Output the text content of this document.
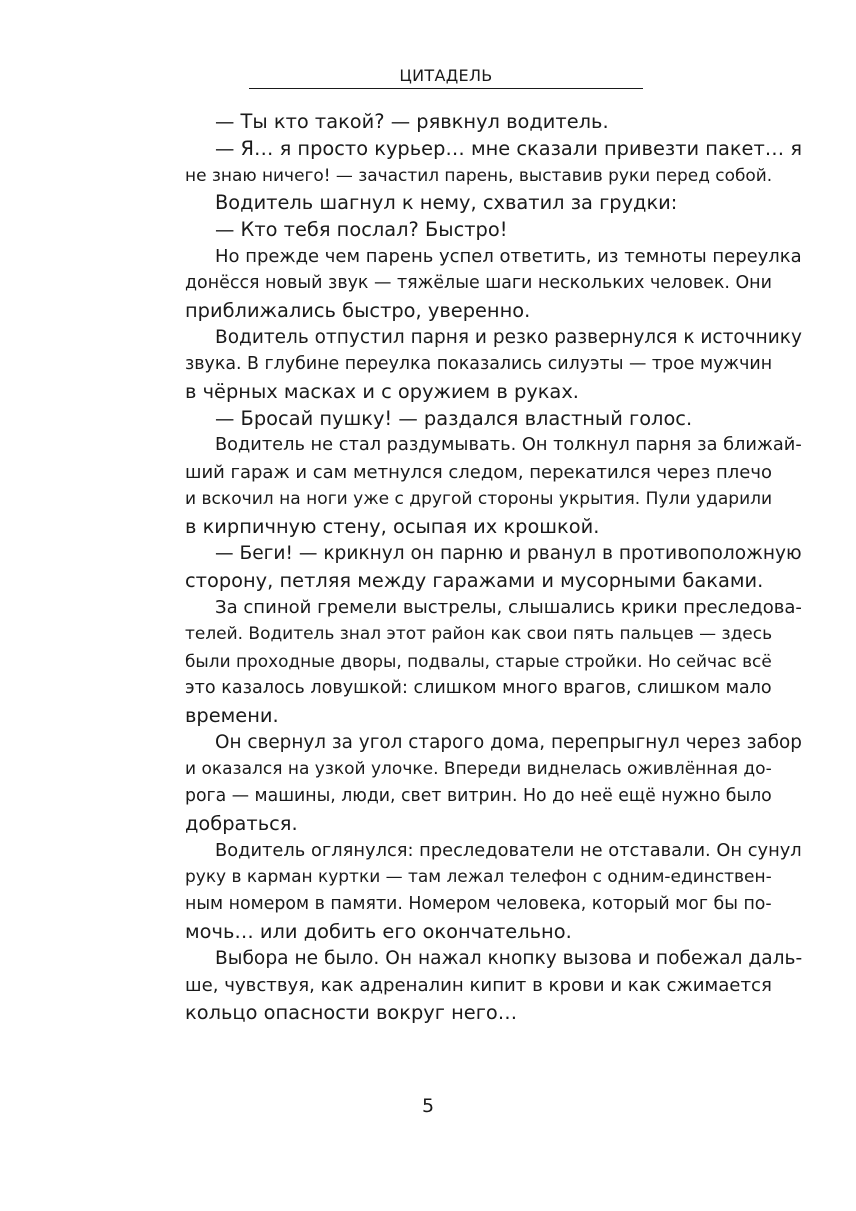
ЦИТАДЕЛЬ
— Ты кто такой? — рявкнул водитель.
— Я… я просто курьер… мне сказали привезти пакет… я
не знаю ничего! — зачастил парень, выставив руки перед собой.
Водитель шагнул к нему, схватил за грудки:
— Кто тебя послал? Быстро!
Но прежде чем парень успел ответить, из темноты переулка
донёсся новый звук — тяжёлые шаги нескольких человек. Они
приближались быстро, уверенно.
Водитель отпустил парня и резко развернулся к источнику
звука. В глубине переулка показались силуэты — трое мужчин
в чёрных масках и с оружием в руках.
— Бросай пушку! — раздался властный голос.
Водитель не стал раздумывать. Он толкнул парня за ближай-
ший гараж и сам метнулся следом, перекатился через плечо
и вскочил на ноги уже с другой стороны укрытия. Пули ударили
в кирпичную стену, осыпая их крошкой.
— Беги! — крикнул он парню и рванул в противоположную
сторону, петляя между гаражами и мусорными баками.
За спиной гремели выстрелы, слышались крики преследова-
телей. Водитель знал этот район как свои пять пальцев — здесь
были проходные дворы, подвалы, старые стройки. Но сейчас всё
это казалось ловушкой: слишком много врагов, слишком мало
времени.
Он свернул за угол старого дома, перепрыгнул через забор
и оказался на узкой улочке. Впереди виднелась оживлённая до-
рога — машины, люди, свет витрин. Но до неё ещё нужно было
добраться.
Водитель оглянулся: преследователи не отставали. Он сунул
руку в карман куртки — там лежал телефон с одним-единствен-
ным номером в памяти. Номером человека, который мог бы по-
мочь… или добить его окончательно.
Выбора не было. Он нажал кнопку вызова и побежал даль-
ше, чувствуя, как адреналин кипит в крови и как сжимается
кольцо опасности вокруг него…
5
